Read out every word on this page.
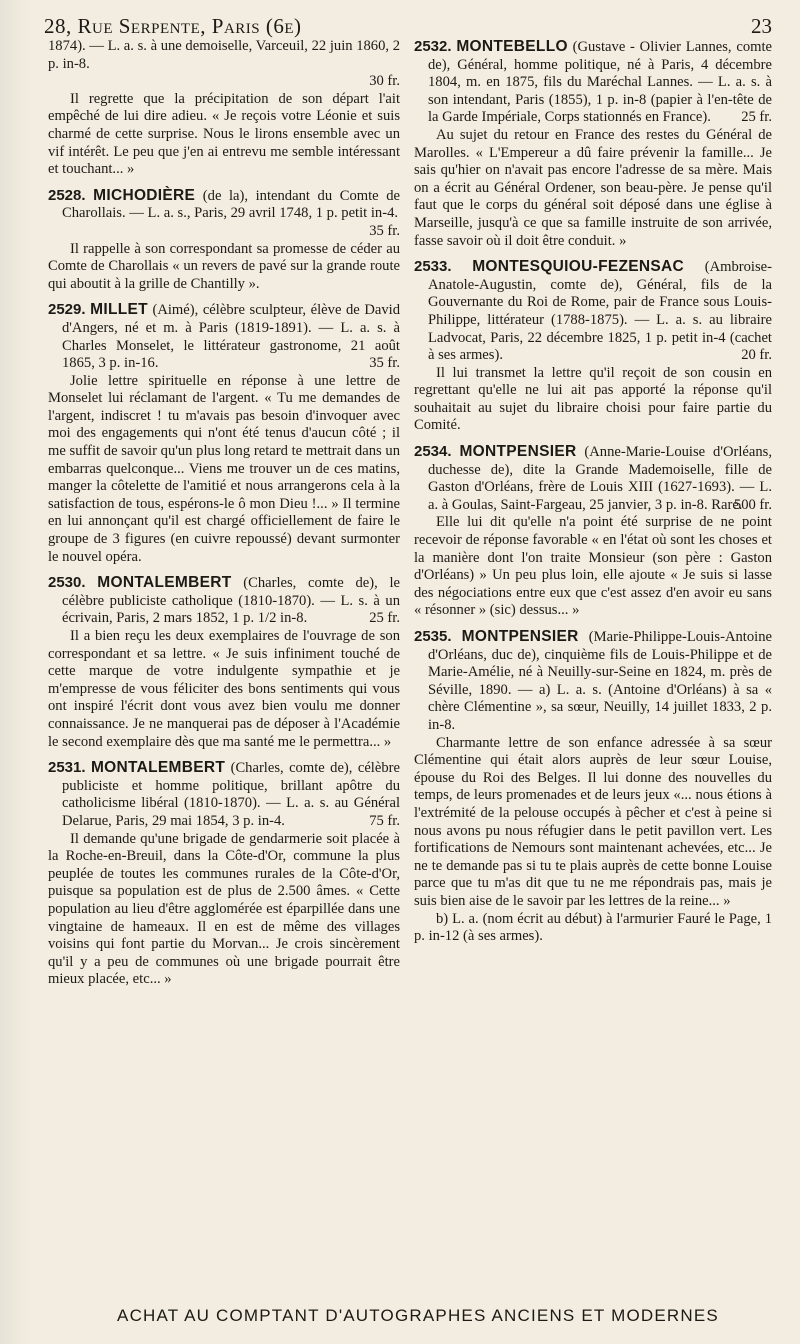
28, Rue Serpente, Paris (6e)	23

1874). — L. a. s. à une demoiselle, Varceuil, 22 juin 1860, 2 p. in-8.

30 fr.

Il regrette que la précipitation de son départ l'ait empêché de lui dire adieu. « Je reçois votre Léonie et suis charmé de cette surprise. Nous le lirons ensemble avec un vif intérêt. Le peu que j'en ai entrevu me semble intéressant et touchant... »

2528. MICHODIÈRE (de la), intendant du Comte de Charollais. — L. a. s., Paris, 29 avril 1748, 1 p. petit in-4.
35 fr.

Il rappelle à son correspondant sa promesse de céder au Comte de Charollais « un revers de pavé sur la grande route qui aboutit à la grille de Chantilly ».

2529. MILLET (Aimé), célèbre sculpteur, élève de David d'Angers, né et m. à Paris (1819-1891). — L. a. s. à Charles Monselet, le littérateur gastronome, 21 août 1865, 3 p. in-16.	35 fr.

Jolie lettre spirituelle en réponse à une lettre de Monselet lui réclamant de l'argent. « Tu me demandes de l'argent, indiscret ! tu m'avais pas besoin d'invoquer avec moi des engagements qui n'ont été tenus d'aucun côté ; il me suffit de savoir qu'un plus long retard te mettrait dans un embarras quelconque... Viens me trouver un de ces matins, manger la côtelette de l'amitié et nous arrangerons cela à la satisfaction de tous, espérons-le ô mon Dieu !... » Il termine en lui annonçant qu'il est chargé officiellement de faire le groupe de 3 figures (en cuivre repoussé) devant surmonter le nouvel opéra.

2530. MONTALEMBERT (Charles, comte de), le célèbre publiciste catholique (1810-1870). — L. s. à un écrivain, Paris, 2 mars 1852, 1 p. 1/2 in-8.	25 fr.

Il a bien reçu les deux exemplaires de l'ouvrage de son correspondant et sa lettre. « Je suis infiniment touché de cette marque de votre indulgente sympathie et je m'empresse de vous féliciter des bons sentiments qui vous ont inspiré l'écrit dont vous avez bien voulu me donner connaissance. Je ne manquerai pas de déposer à l'Académie le second exemplaire dès que ma santé me le permettra... »

2531. MONTALEMBERT (Charles, comte de), célèbre publiciste et homme politique, brillant apôtre du catholicisme libéral (1810-1870). — L. a. s. au Général Delarue, Paris, 29 mai 1854, 3 p. in-4.	75 fr.

Il demande qu'une brigade de gendarmerie soit placée à la Roche-en-Breuil, dans la Côte-d'Or, commune la plus peuplée de toutes les communes rurales de la Côte-d'Or, puisque sa population est de plus de 2.500 âmes. « Cette population au lieu d'être agglomérée est éparpillée dans une vingtaine de hameaux. Il en est de même des villages voisins qui font partie du Morvan... Je crois sincèrement qu'il y a peu de communes où une brigade pourrait être mieux placée, etc... »

2532. MONTEBELLO (Gustave - Olivier Lannes, comte de), Général, homme politique, né à Paris, 4 décembre 1804, m. en 1875, fils du Maréchal Lannes. — L. a. s. à son intendant, Paris (1855), 1 p. in-8 (papier à l'en-tête de la Garde Impériale, Corps stationnés en France). 25 fr.

Au sujet du retour en France des restes du Général de Marolles. « L'Empereur a dû faire prévenir la famille... Je sais qu'hier on n'avait pas encore l'adresse de sa mère. Mais on a écrit au Général Ordener, son beau-père. Je pense qu'il faut que le corps du général soit déposé dans une église à Marseille, jusqu'à ce que sa famille instruite de son arrivée, fasse savoir où il doit être conduit. »

2533. MONTESQUIOU-FEZENSAC (Ambroise-Anatole-Augustin, comte de), Général, fils de la Gouvernante du Roi de Rome, pair de France sous Louis-Philippe, littérateur (1788-1875). — L. a. s. au libraire Ladvocat, Paris, 22 décembre 1825, 1 p. petit in-4 (cachet à ses armes).	20 fr.

Il lui transmet la lettre qu'il reçoit de son cousin en regrettant qu'elle ne lui ait pas apporté la réponse qu'il souhaitait au sujet du libraire choisi pour faire partie du Comité.

2534. MONTPENSIER (Anne-Marie-Louise d'Orléans, duchesse de), dite la Grande Mademoiselle, fille de Gaston d'Orléans, frère de Louis XIII (1627-1693). — L. a. à Goulas, Saint-Fargeau, 25 janvier, 3 p. in-8. Rare.
500 fr.

Elle lui dit qu'elle n'a point été surprise de ne point recevoir de réponse favorable « en l'état où sont les choses et la manière dont l'on traite Monsieur (son père : Gaston d'Orléans) » Un peu plus loin, elle ajoute « Je suis si lasse des négociations entre eux que c'est assez d'en avoir eu sans « résonner » (sic) dessus... »

2535. MONTPENSIER (Marie-Philippe-Louis-Antoine d'Orléans, duc de), cinquième fils de Louis-Philippe et de Marie-Amélie, né à Neuilly-sur-Seine en 1824, m. près de Séville, 1890. — a) L. a. s. (Antoine d'Orléans) à sa « chère Clémentine », sa sœur, Neuilly, 14 juillet 1833, 2 p. in-8.

Charmante lettre de son enfance adressée à sa sœur Clémentine qui était alors auprès de leur sœur Louise, épouse du Roi des Belges. Il lui donne des nouvelles du temps, de leurs promenades et de leurs jeux «... nous étions à l'extrémité de la pelouse occupés à pêcher et c'est à peine si nous avons pu nous réfugier dans le petit pavillon vert. Les fortifications de Nemours sont maintenant achevées, etc... Je ne te demande pas si tu te plais auprès de cette bonne Louise parce que tu m'as dit que tu ne me répondrais pas, mais je suis bien aise de le savoir par les lettres de la reine... »

b) L. a. (nom écrit au début) à l'armurier Fauré le Page, 1 p. in-12 (à ses armes).

ACHAT AU COMPTANT D'AUTOGRAPHES ANCIENS ET MODERNES
